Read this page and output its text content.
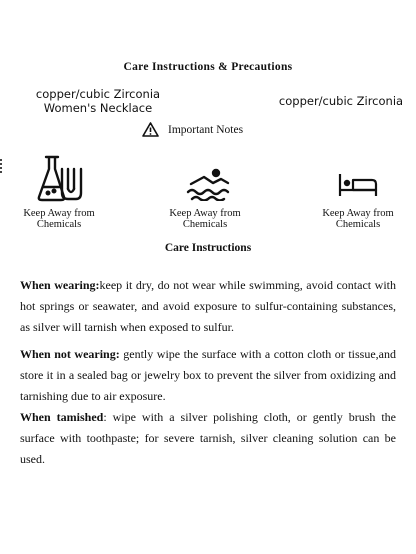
Care Instructions & Precautions
copper/cubic Zirconia
Women's Necklace	copper/cubic Zirconia
Important Notes
Keep Away from
Chemicals
Keep Away from
Chemicals
Keep Away from
Chemicals
Care Instructions
When wearing:keep it dry, do not wear while swimming, avoid contact with hot springs or seawater, and avoid exposure to sulfur-containing substances, as silver will tarnish when exposed to sulfur.
When not wearing: gently wipe the surface with a cotton cloth or tissue,and store it in a sealed bag or jewelry box to prevent the silver from oxidizing and tarnishing due to air exposure.
When tamished: wipe with a silver polishing cloth, or gently brush the surface with toothpaste; for severe tarnish, silver cleaning solution can be used.
